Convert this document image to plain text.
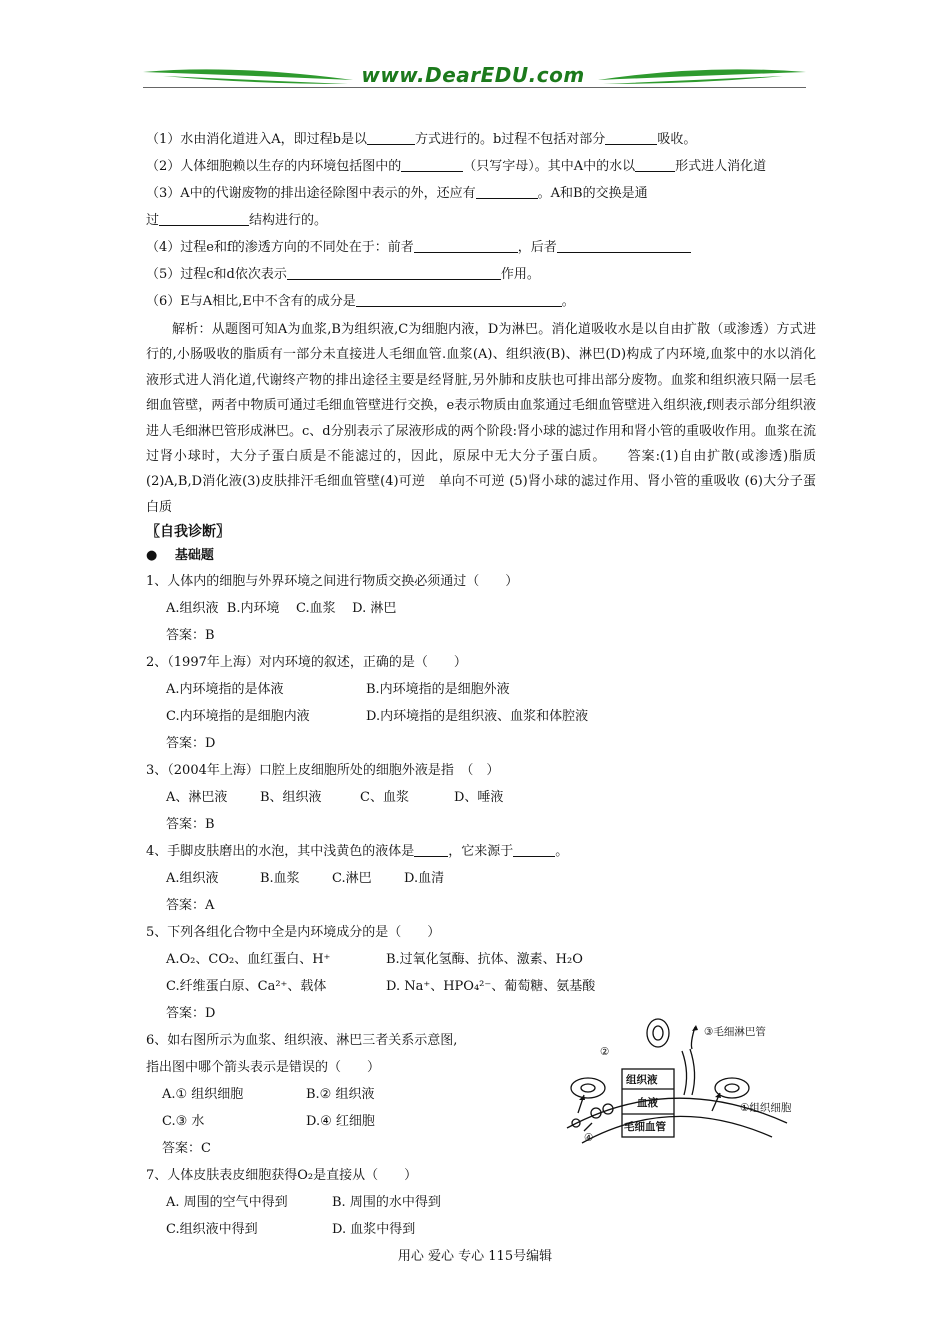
www.DearEDU.com
（1）水由消化道进入A，即过程b是以	方式进行的。b过程不包括对部分	吸收。
（2）人体细胞赖以生存的内环境包括图中的	（只写字母）。其中A中的水以	形式进人消化道
（3）A中的代谢废物的排出途径除图中表示的外，还应有	。A和B的交换是通
过	结构进行的。
（4）过程e和f的渗透方向的不同处在于：前者	，后者
（5）过程c和d依次表示	作用。
（6）E与A相比,E中不含有的成分是	。

解析：从题图可知A为血浆,B为组织液,C为细胞内液，D为淋巴。消化道吸收水是以自由扩散（或渗透）方式进行的,小肠吸收的脂质有一部分未直接进人毛细血管.血浆(A)、组织液(B)、淋巴(D)构成了内环境,血浆中的水以消化液形式进人消化道,代谢终产物的排出途径主要是经肾脏,另外肺和皮肤也可排出部分废物。血浆和组织液只隔一层毛细血管壁，两者中物质可通过毛细血管壁进行交换，e表示物质由血浆通过毛细血管壁进入组织液,f则表示部分组织液进人毛细淋巴管形成淋巴。c、d分别表示了尿液形成的两个阶段:肾小球的滤过作用和肾小管的重吸收作用。血浆在流过肾小球时，大分子蛋白质是不能滤过的，因此，原尿中无大分子蛋白质。　　答案:(1)自由扩散(或渗透)脂质(2)A,B,D消化液(3)皮肤排汗毛细血管壁(4)可逆　单向不可逆 (5)肾小球的滤过作用、肾小管的重吸收 (6)大分子蛋白质

〖自我诊断〗
●　 基础题
1、人体内的细胞与外界环境之间进行物质交换必须通过（　　）
A.组织液 B.内环境 C.血浆 D. 淋巴
答案：B
2、（1997年上海）对内环境的叙述，正确的是（　　）
A.内环境指的是体液	B.内环境指的是细胞外液
C.内环境指的是细胞内液	D.内环境指的是组织液、血浆和体腔液
答案：D
3、（2004年上海）口腔上皮细胞所处的细胞外液是指　（　）
A、淋巴液	B、组织液	C、血浆	D、唾液
答案：B
4、手脚皮肤磨出的水泡，其中浅黄色的液体是	，它来源于	。
A.组织液	B.血浆 C.淋巴 D.血清
答案：A
5、下列各组化合物中全是内环境成分的是（　　）
A.O₂、CO₂、血红蛋白、H⁺	B.过氧化氢酶、抗体、激素、H₂O
C.纤维蛋白原、Ca²⁺、载体	D. Na⁺、HPO₄²⁻、葡萄糖、氨基酸
答案：D
6、如右图所示为血浆、组织液、淋巴三者关系示意图,
指出图中哪个箭头表示是错误的（　　）
A.① 组织细胞	B.② 组织液
C.③ 水	D.④ 红细胞
答案：C
7、人体皮肤表皮细胞获得O₂是直接从（　　）
A. 周围的空气中得到	B. 周围的水中得到
C.组织液中得到	D. 血浆中得到
③毛细淋巴管
②
①组织细胞
④
组织液
血液
毛细血管
用心 爱心 专心 115号编辑
